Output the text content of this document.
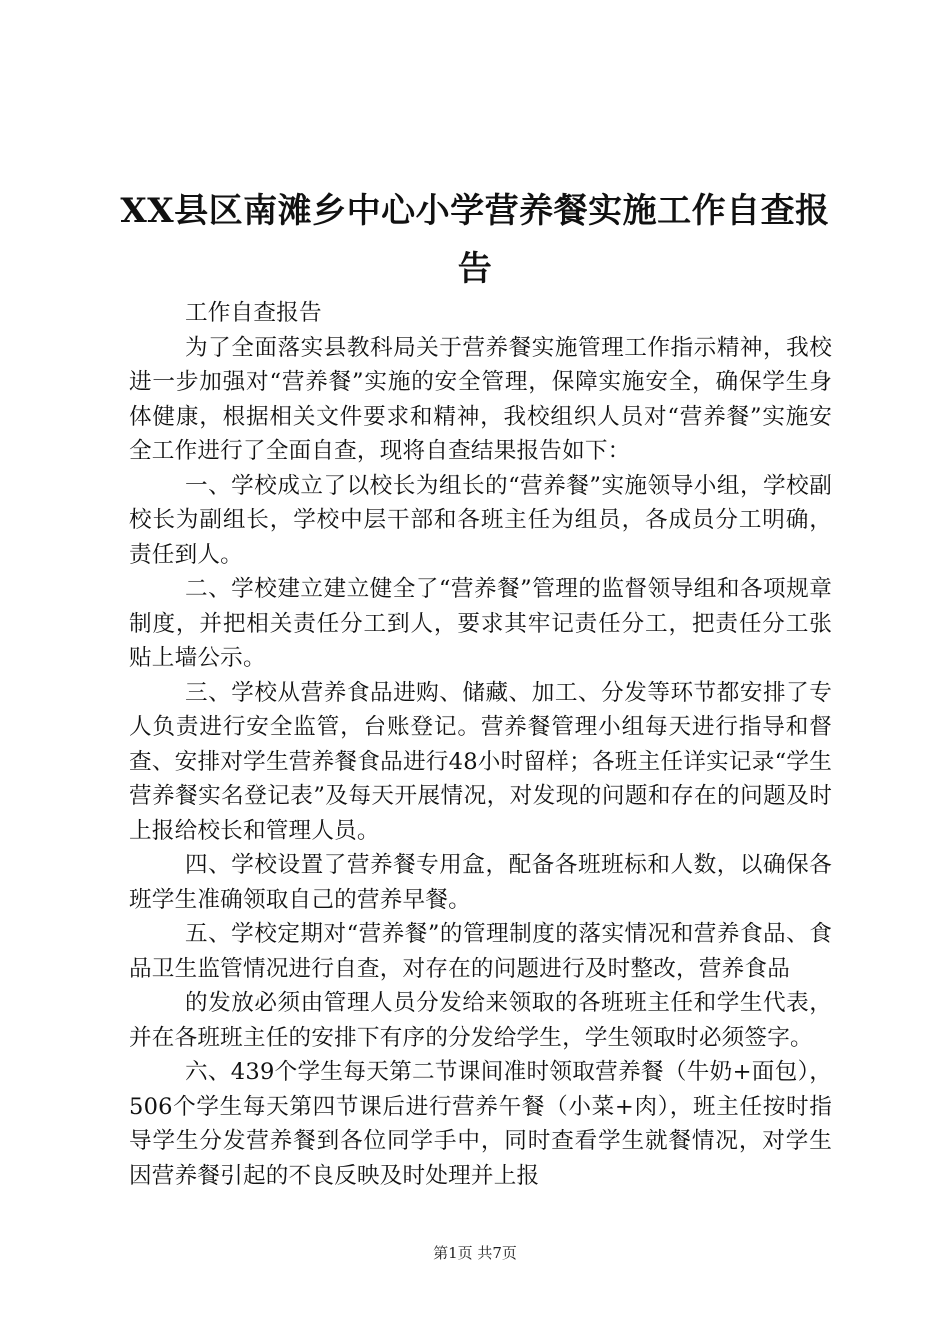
XX县区南滩乡中心小学营养餐实施工作自查报告

工作自查报告

为了全面落实县教科局关于营养餐实施管理工作指示精神，我校进一步加强对“营养餐”实施的安全管理，保障实施安全，确保学生身体健康，根据相关文件要求和精神，我校组织人员对“营养餐”实施安全工作进行了全面自查，现将自查结果报告如下：

一、学校成立了以校长为组长的“营养餐”实施领导小组，学校副校长为副组长，学校中层干部和各班主任为组员，各成员分工明确，责任到人。

二、学校建立建立健全了“营养餐”管理的监督领导组和各项规章制度，并把相关责任分工到人，要求其牢记责任分工，把责任分工张贴上墙公示。

三、学校从营养食品进购、储藏、加工、分发等环节都安排了专人负责进行安全监管，台账登记。营养餐管理小组每天进行指导和督查、安排对学生营养餐食品进行48小时留样；各班主任详实记录“学生营养餐实名登记表”及每天开展情况，对发现的问题和存在的问题及时上报给校长和管理人员。

四、学校设置了营养餐专用盒，配备各班班标和人数，以确保各班学生准确领取自己的营养早餐。

五、学校定期对“营养餐”的管理制度的落实情况和营养食品、食品卫生监管情况进行自查，对存在的问题进行及时整改，营养食品

的发放必须由管理人员分发给来领取的各班班主任和学生代表，并在各班班主任的安排下有序的分发给学生，学生领取时必须签字。

六、439个学生每天第二节课间准时领取营养餐（牛奶+面包），506个学生每天第四节课后进行营养午餐（小菜+肉），班主任按时指导学生分发营养餐到各位同学手中，同时查看学生就餐情况，对学生因营养餐引起的不良反映及时处理并上报

第1页 共7页
